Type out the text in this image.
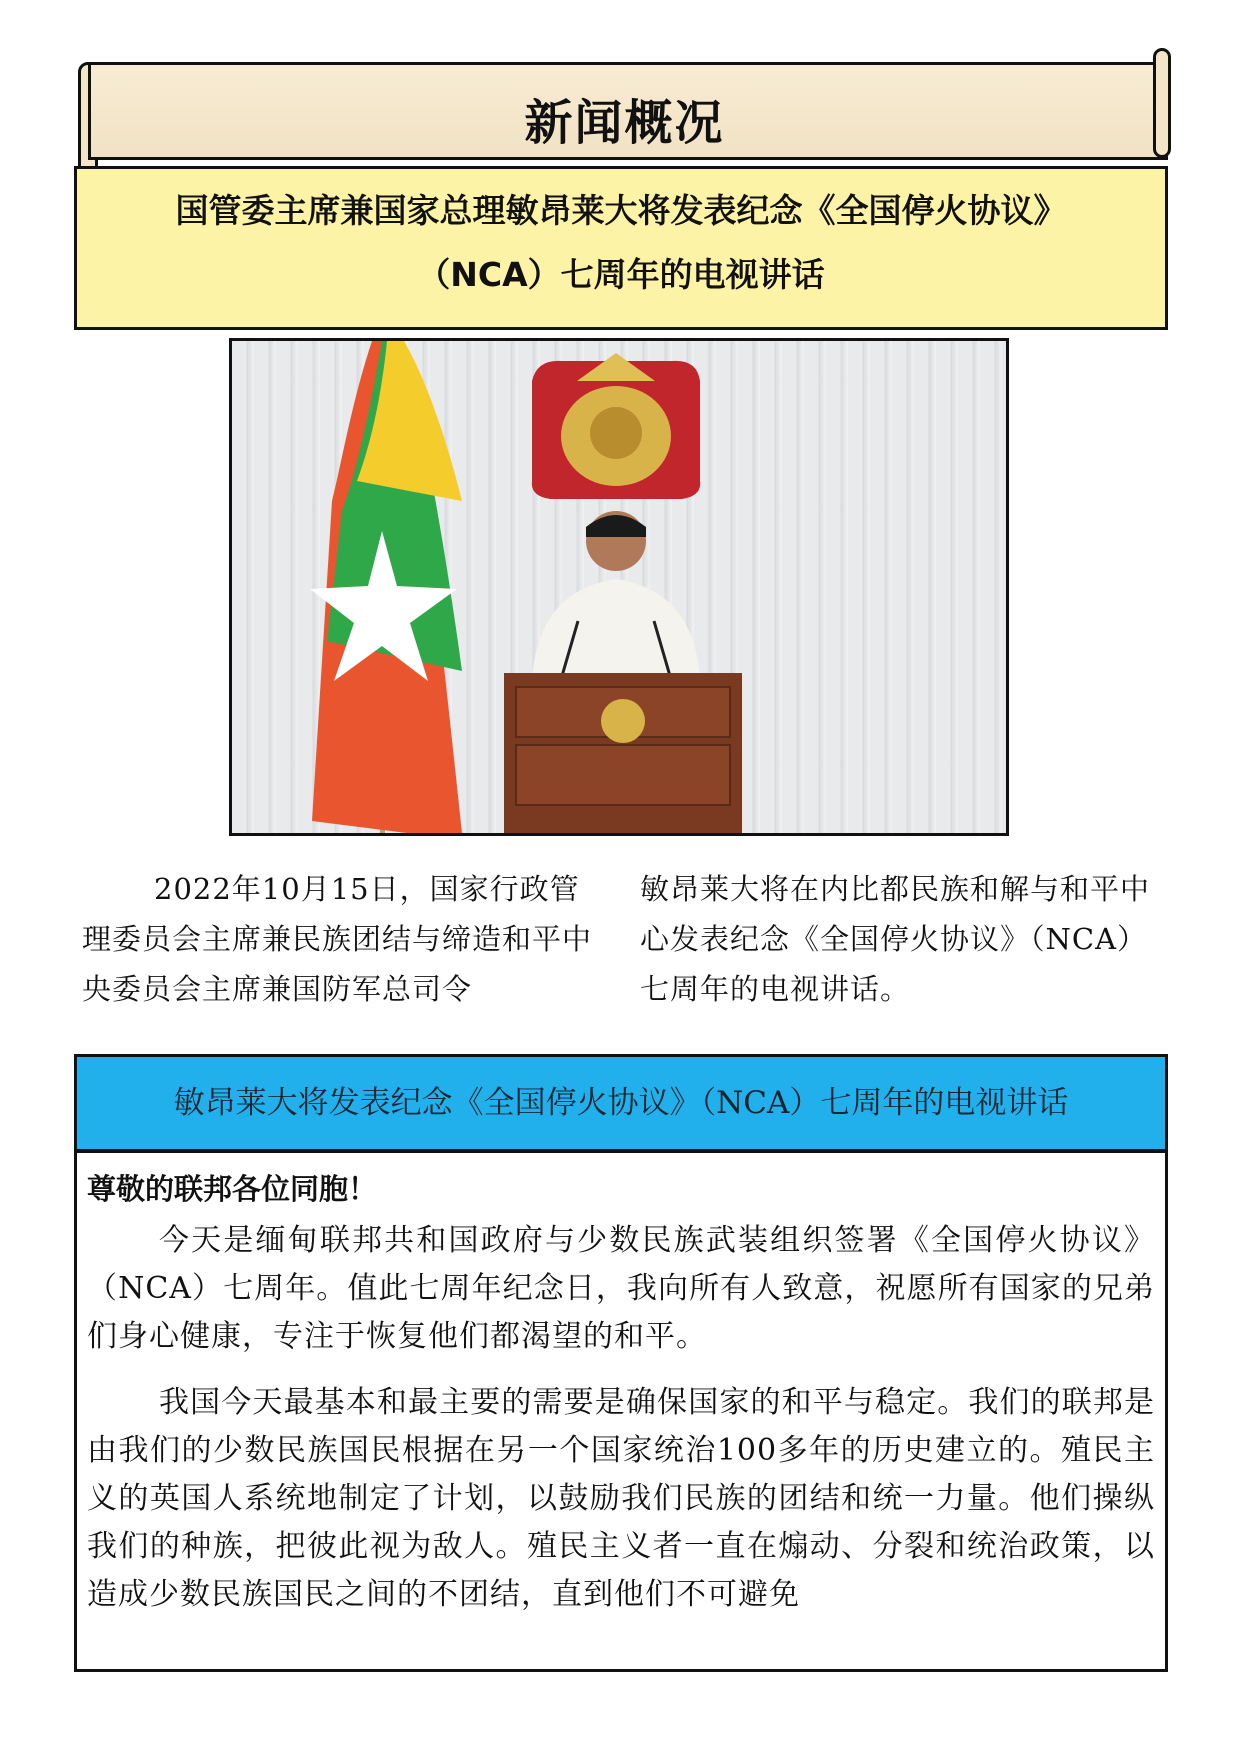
新闻概况
国管委主席兼国家总理敏昂莱大将发表纪念《全国停火协议》
（NCA）七周年的电视讲话
2022年10月15日，国家行政管理委员会主席兼民族团结与缔造和平中央委员会主席兼国防军总司令
敏昂莱大将在内比都民族和解与和平中心发表纪念《全国停火协议》（NCA）七周年的电视讲话。
敏昂莱大将发表纪念《全国停火协议》（NCA）七周年的电视讲话

尊敬的联邦各位同胞！

今天是缅甸联邦共和国政府与少数民族武装组织签署《全国停火协议》（NCA）七周年。值此七周年纪念日，我向所有人致意，祝愿所有国家的兄弟们身心健康，专注于恢复他们都渴望的和平。

我国今天最基本和最主要的需要是确保国家的和平与稳定。我们的联邦是由我们的少数民族国民根据在另一个国家统治100多年的历史建立的。殖民主义的英国人系统地制定了计划，以鼓励我们民族的团结和统一力量。他们操纵我们的种族，把彼此视为敌人。殖民主义者一直在煽动、分裂和统治政策，以造成少数民族国民之间的不团结，直到他们不可避免
